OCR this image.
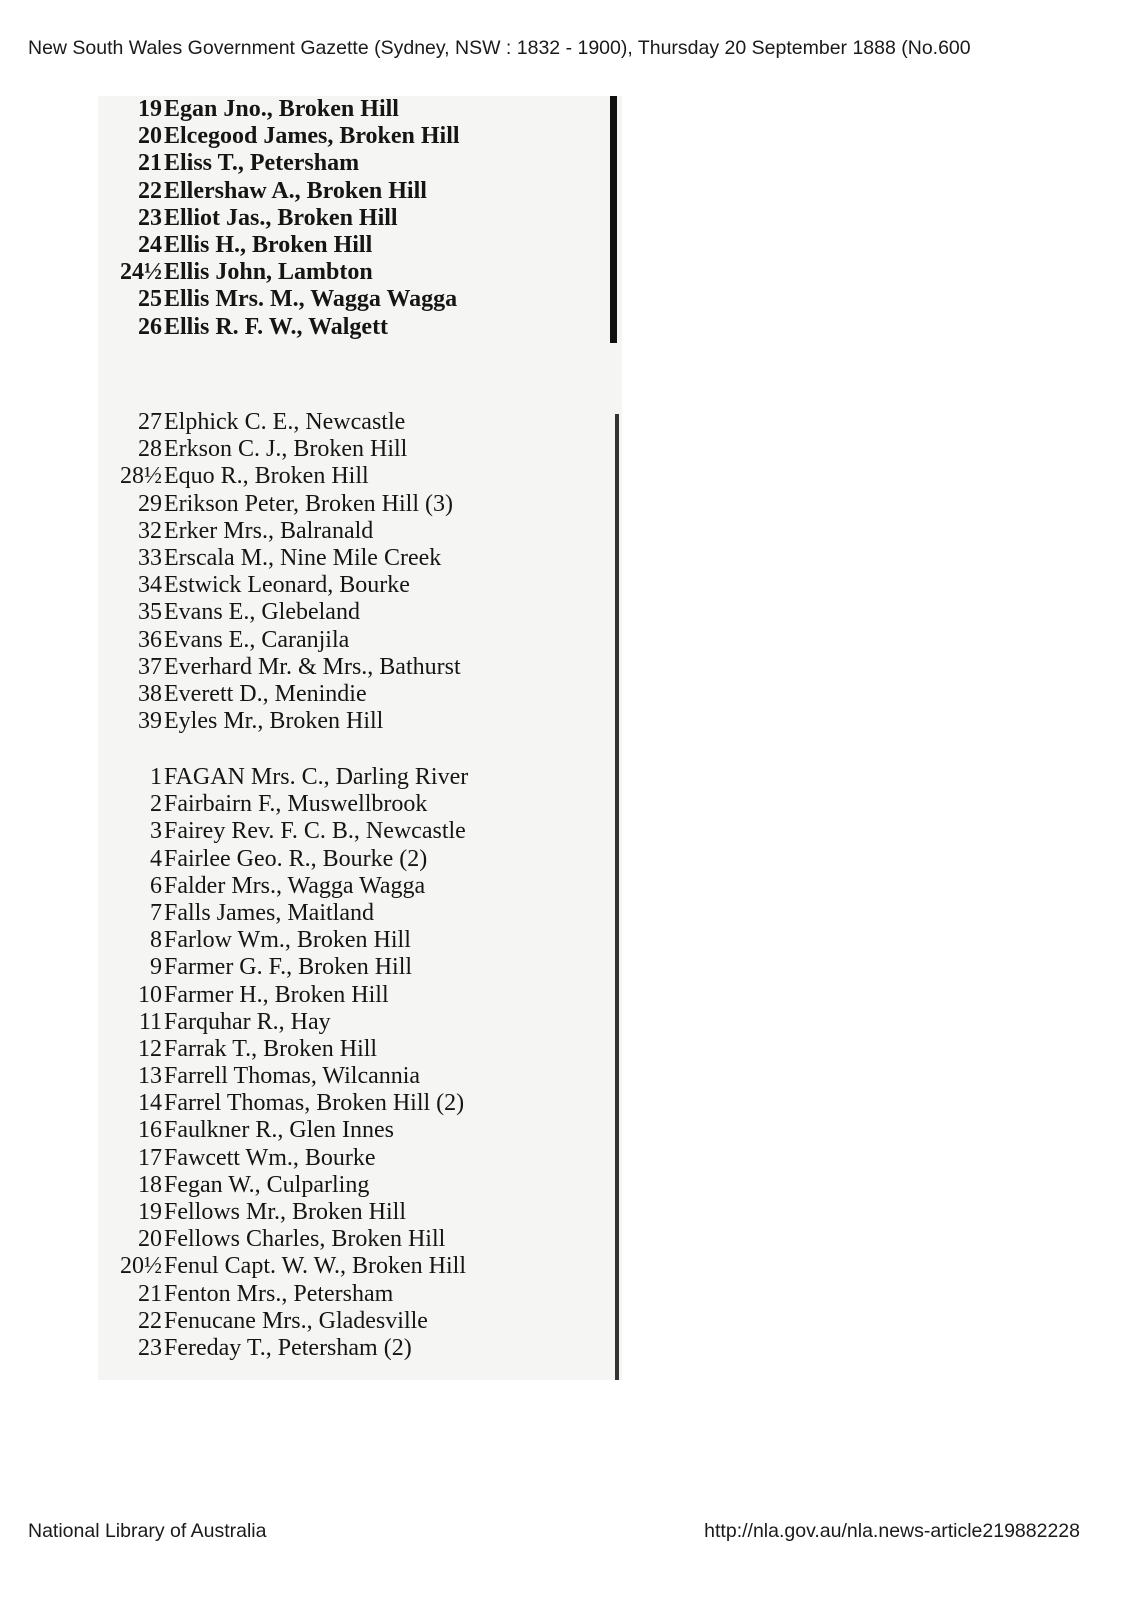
New South Wales Government Gazette (Sydney, NSW : 1832 - 1900), Thursday 20 September 1888 (No.600
19 Egan Jno., Broken Hill
20 Elcegood James, Broken Hill
21 Eliss T., Petersham
22 Ellershaw A., Broken Hill
23 Elliot Jas., Broken Hill
24 Ellis H., Broken Hill
24½ Ellis John, Lambton
25 Ellis Mrs. M., Wagga Wagga
26 Ellis R. F. W., Walgett
27 Elphick C. E., Newcastle
28 Erkson C. J., Broken Hill
28½ Equo R., Broken Hill
29 Erikson Peter, Broken Hill (3)
32 Erker Mrs., Balranald
33 Erscala M., Nine Mile Creek
34 Estwick Leonard, Bourke
35 Evans E., Glebeland
36 Evans E., Caranjila
37 Everhard Mr. & Mrs., Bathurst
38 Everett D., Menindie
39 Eyles Mr., Broken Hill
1 FAGAN Mrs. C., Darling River
2 Fairbairn F., Muswellbrook
3 Fairey Rev. F. C. B., Newcastle
4 Fairlee Geo. R., Bourke (2)
6 Falder Mrs., Wagga Wagga
7 Falls James, Maitland
8 Farlow Wm., Broken Hill
9 Farmer G. F., Broken Hill
10 Farmer H., Broken Hill
11 Farquhar R., Hay
12 Farrak T., Broken Hill
13 Farrell Thomas, Wilcannia
14 Farrel Thomas, Broken Hill (2)
16 Faulkner R., Glen Innes
17 Fawcett Wm., Bourke
18 Fegan W., Culparling
19 Fellows Mr., Broken Hill
20 Fellows Charles, Broken Hill
20½ Fenul Capt. W. W., Broken Hill
21 Fenton Mrs., Petersham
22 Fenucane Mrs., Gladesville
23 Fereday T., Petersham (2)
National Library of Australia	http://nla.gov.au/nla.news-article219882228
